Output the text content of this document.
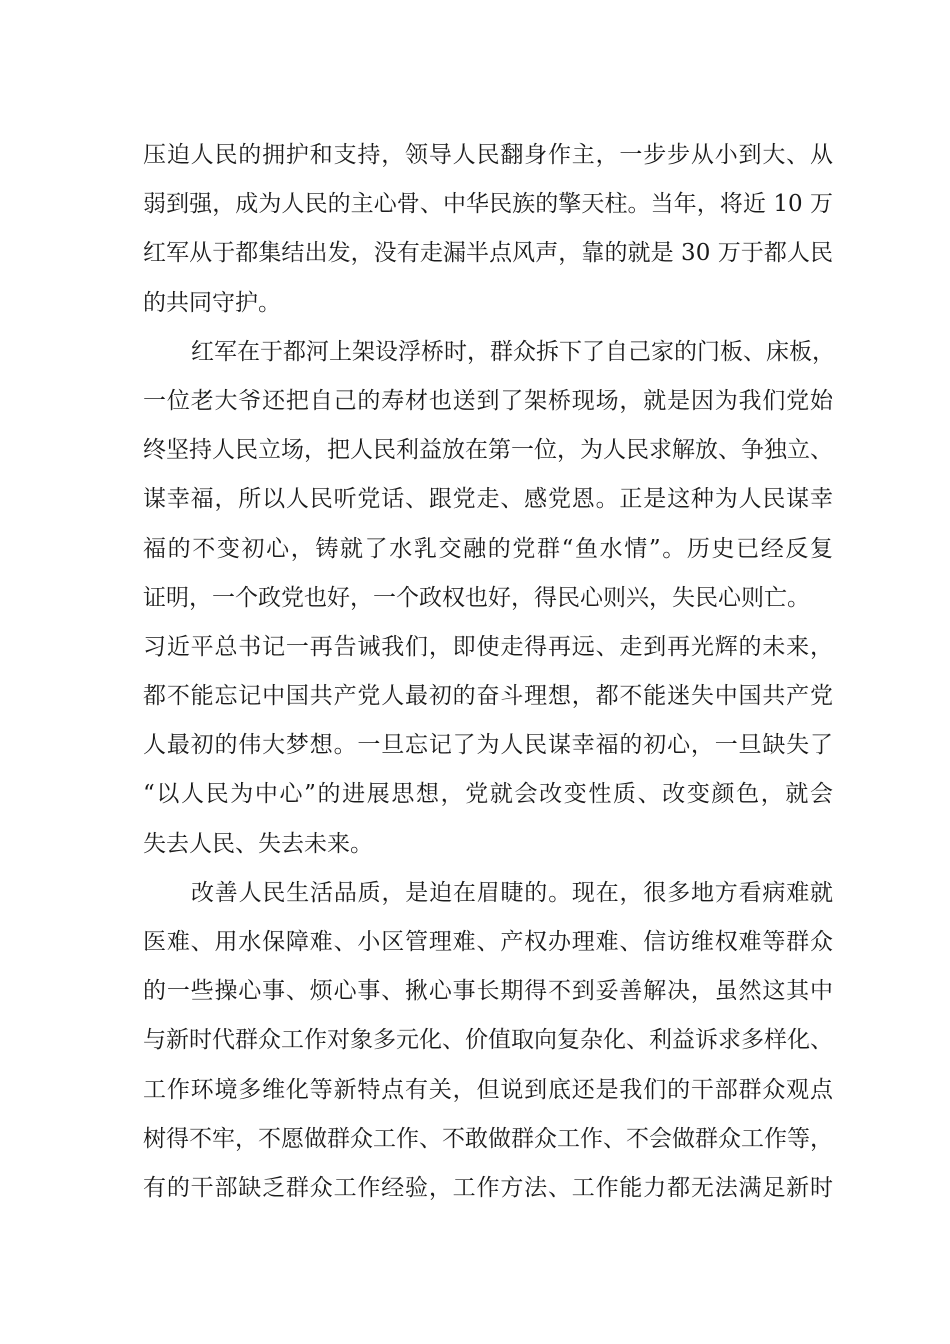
压迫人民的拥护和支持，领导人民翻身作主，一步步从小到大、从
弱到强，成为人民的主心骨、中华民族的擎天柱。当年，将近 10 万
红军从于都集结出发，没有走漏半点风声，靠的就是 30 万于都人民
的共同守护。
红军在于都河上架设浮桥时，群众拆下了自己家的门板、床板，
一位老大爷还把自己的寿材也送到了架桥现场，就是因为我们党始
终坚持人民立场，把人民利益放在第一位，为人民求解放、争独立、
谋幸福，所以人民听党话、跟党走、感党恩。正是这种为人民谋幸
福的不变初心，铸就了水乳交融的党群“鱼水情”。历史已经反复
证明，一个政党也好，一个政权也好，得民心则兴，失民心则亡。
习近平总书记一再告诫我们，即使走得再远、走到再光辉的未来，
都不能忘记中国共产党人最初的奋斗理想，都不能迷失中国共产党
人最初的伟大梦想。一旦忘记了为人民谋幸福的初心，一旦缺失了
“以人民为中心”的进展思想，党就会改变性质、改变颜色，就会
失去人民、失去未来。
改善人民生活品质，是迫在眉睫的。现在，很多地方看病难就
医难、用水保障难、小区管理难、产权办理难、信访维权难等群众
的一些操心事、烦心事、揪心事长期得不到妥善解决，虽然这其中
与新时代群众工作对象多元化、价值取向复杂化、利益诉求多样化、
工作环境多维化等新特点有关，但说到底还是我们的干部群众观点
树得不牢，不愿做群众工作、不敢做群众工作、不会做群众工作等，
有的干部缺乏群众工作经验，工作方法、工作能力都无法满足新时
